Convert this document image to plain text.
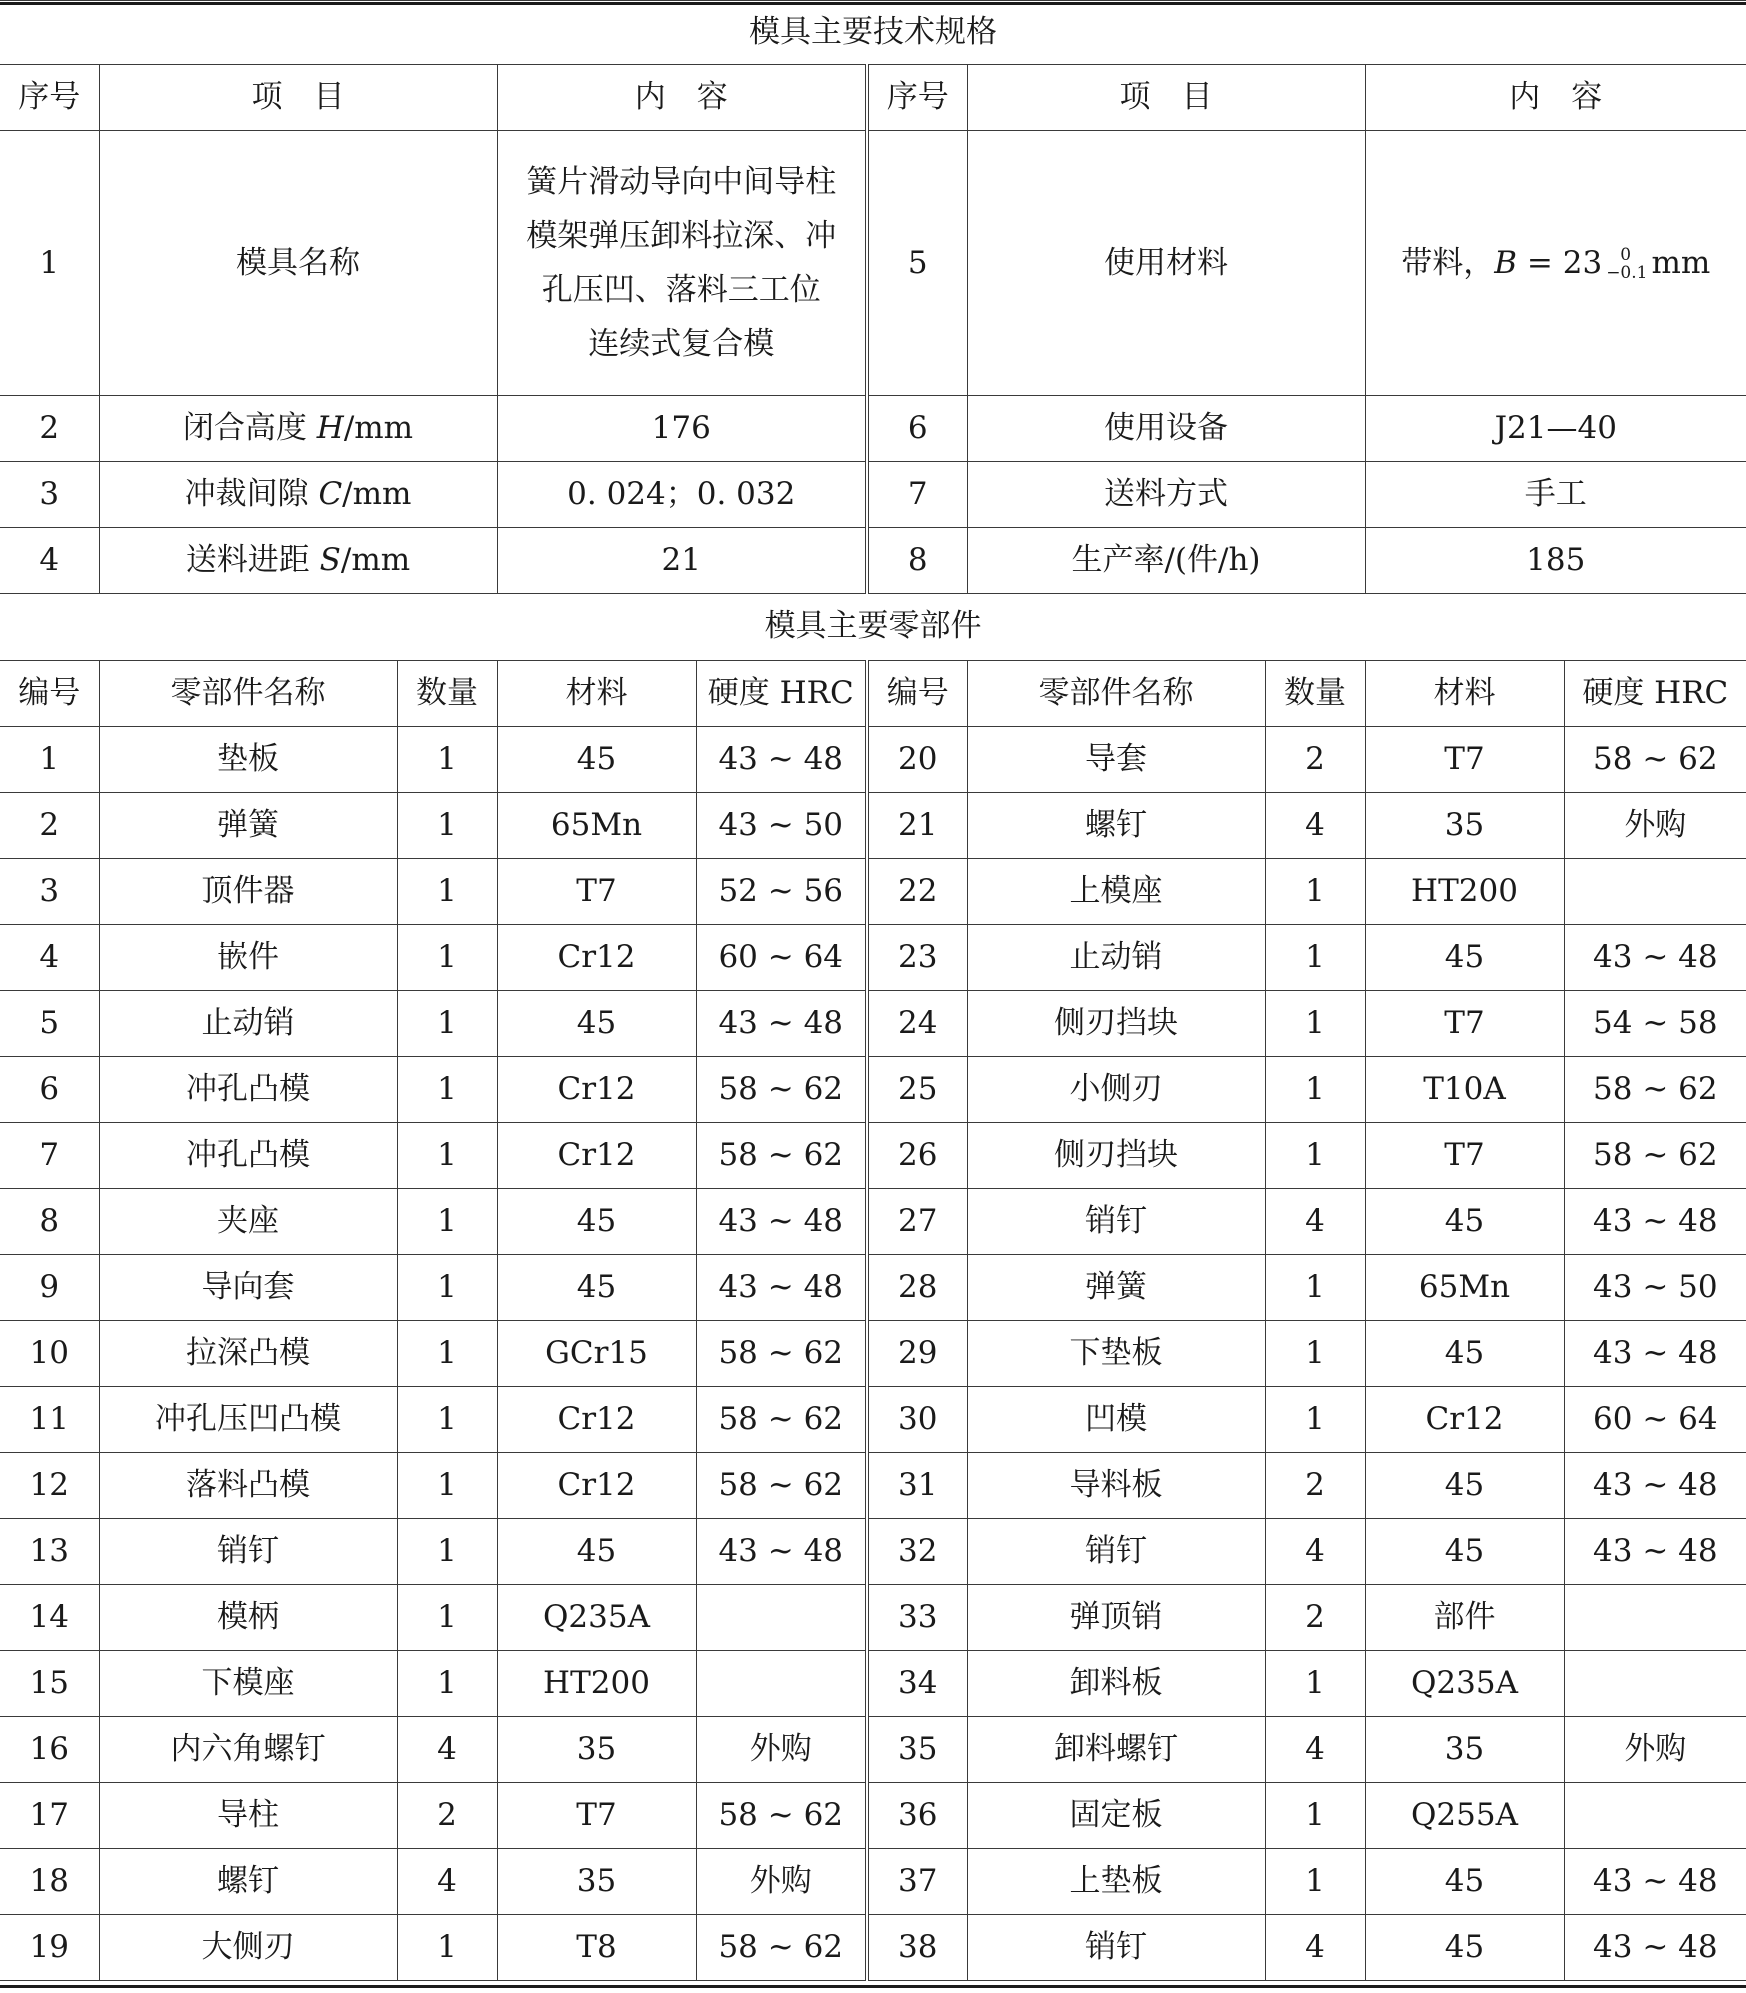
模具主要技术规格					
序号	项　目	内　容	序号	项　目	内　容
1	模具名称	簧片滑动导向中间导柱
模架弹压卸料拉深、冲
孔压凹、落料三工位
连续式复合模	5	使用材料	带料，B = 23 0
−0.1 mm
2	闭合高度 H/mm	176	6	使用设备	J21—40
3	冲裁间隙 C/mm	0. 024；0. 032	7	送料方式	手工
4	送料进距 S/mm	21	8	生产率/(件/h)	185
模具主要零部件									
编号	零部件名称	数量	材料	硬度 HRC	编号	零部件名称	数量	材料	硬度 HRC
1	垫板	1	45	43 ~ 48	20	导套	2	T7	58 ~ 62
2	弹簧	1	65Mn	43 ~ 50	21	螺钉	4	35	外购
3	顶件器	1	T7	52 ~ 56	22	上模座	1	HT200	
4	嵌件	1	Cr12	60 ~ 64	23	止动销	1	45	43 ~ 48
5	止动销	1	45	43 ~ 48	24	侧刃挡块	1	T7	54 ~ 58
6	冲孔凸模	1	Cr12	58 ~ 62	25	小侧刃	1	T10A	58 ~ 62
7	冲孔凸模	1	Cr12	58 ~ 62	26	侧刃挡块	1	T7	58 ~ 62
8	夹座	1	45	43 ~ 48	27	销钉	4	45	43 ~ 48
9	导向套	1	45	43 ~ 48	28	弹簧	1	65Mn	43 ~ 50
10	拉深凸模	1	GCr15	58 ~ 62	29	下垫板	1	45	43 ~ 48
11	冲孔压凹凸模	1	Cr12	58 ~ 62	30	凹模	1	Cr12	60 ~ 64
12	落料凸模	1	Cr12	58 ~ 62	31	导料板	2	45	43 ~ 48
13	销钉	1	45	43 ~ 48	32	销钉	4	45	43 ~ 48
14	模柄	1	Q235A		33	弹顶销	2	部件	
15	下模座	1	HT200		34	卸料板	1	Q235A	
16	内六角螺钉	4	35	外购	35	卸料螺钉	4	35	外购
17	导柱	2	T7	58 ~ 62	36	固定板	1	Q255A	
18	螺钉	4	35	外购	37	上垫板	1	45	43 ~ 48
19	大侧刃	1	T8	58 ~ 62	38	销钉	4	45	43 ~ 48
